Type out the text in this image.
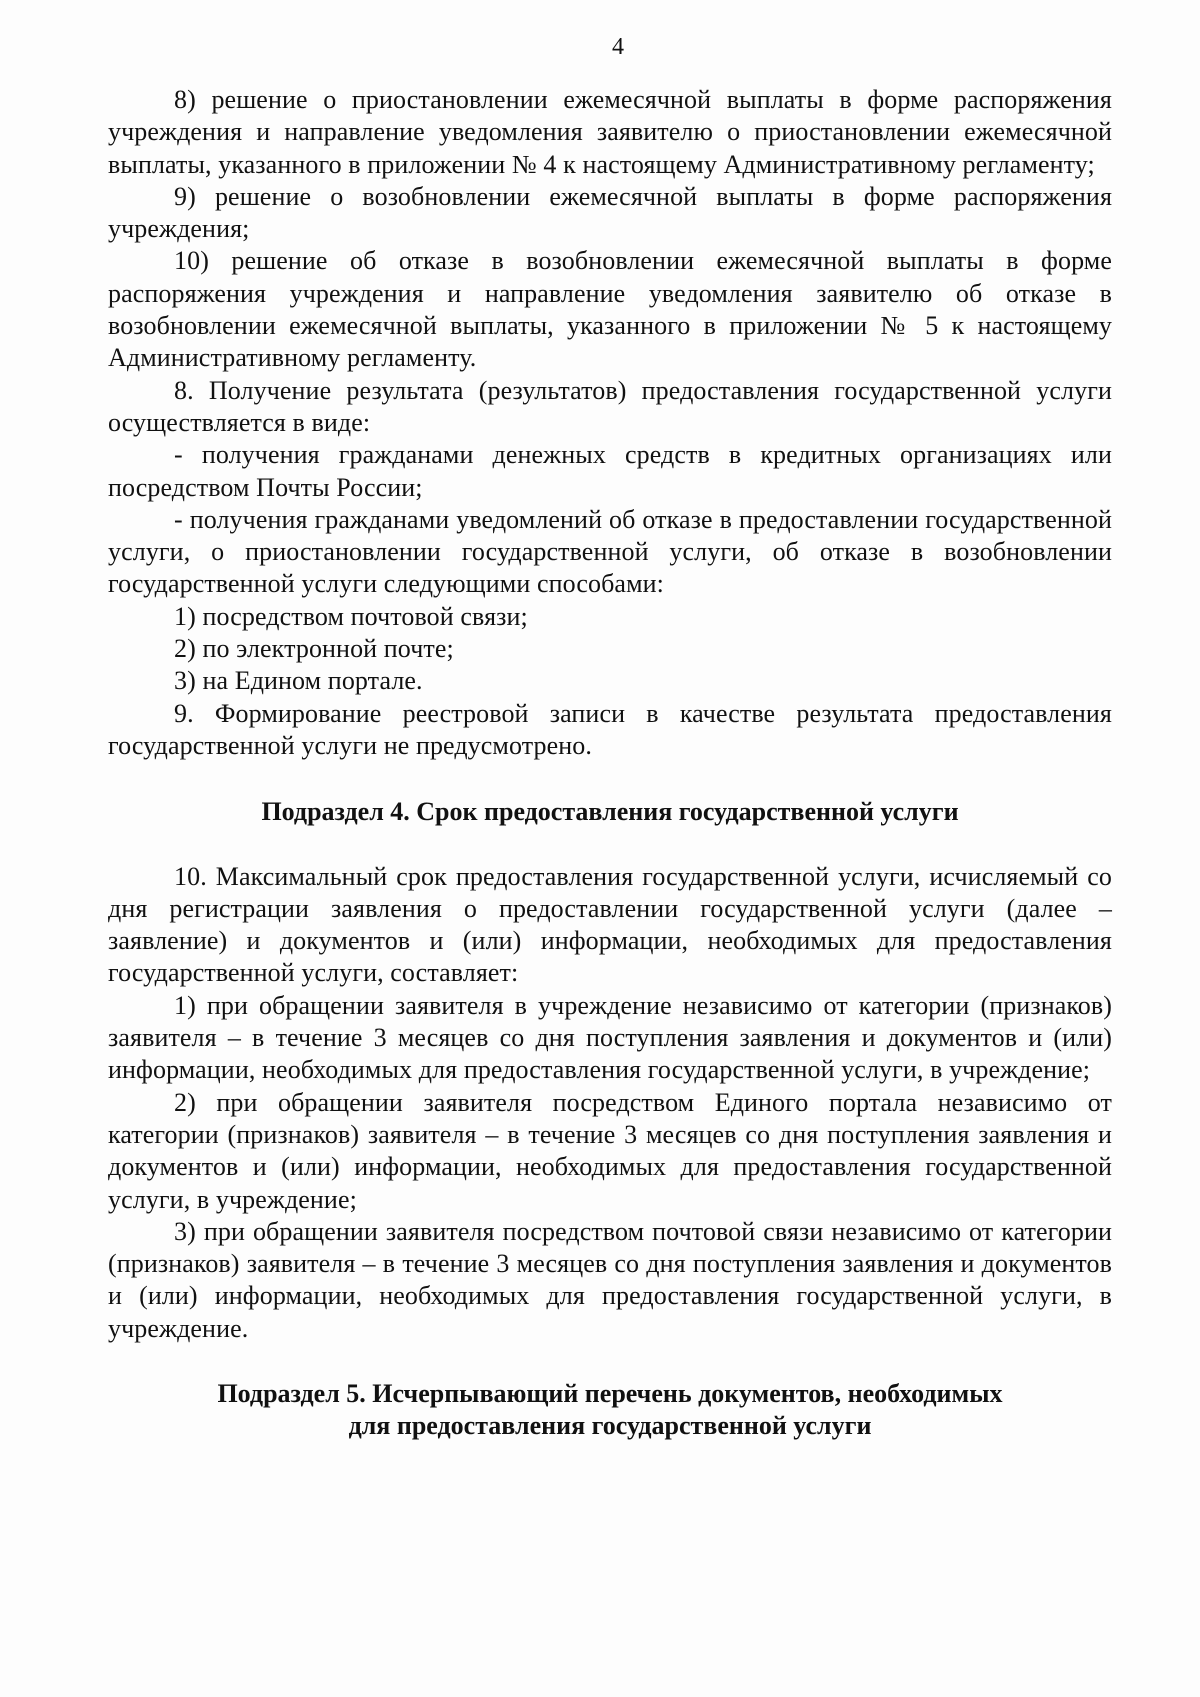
4

8) решение о приостановлении ежемесячной выплаты в форме распоряжения учреждения и направление уведомления заявителю о приостановлении ежемесячной выплаты, указанного в приложении № 4 к настоящему Административному регламенту;

9) решение о возобновлении ежемесячной выплаты в форме распоряжения учреждения;

10) решение об отказе в возобновлении ежемесячной выплаты в форме распоряжения учреждения и направление уведомления заявителю об отказе в возобновлении ежемесячной выплаты, указанного в приложении № 5 к настоящему Административному регламенту.

8. Получение результата (результатов) предоставления государственной услуги осуществляется в виде:

- получения гражданами денежных средств в кредитных организациях или посредством Почты России;

- получения гражданами уведомлений об отказе в предоставлении государственной услуги, о приостановлении государственной услуги, об отказе в возобновлении государственной услуги следующими способами:

1) посредством почтовой связи;

2) по электронной почте;

3) на Едином портале.

9. Формирование реестровой записи в качестве результата предоставления государственной услуги не предусмотрено.

Подраздел 4. Срок предоставления государственной услуги

10. Максимальный срок предоставления государственной услуги, исчисляемый со дня регистрации заявления о предоставлении государственной услуги (далее – заявление) и документов и (или) информации, необходимых для предоставления государственной услуги, составляет:

1) при обращении заявителя в учреждение независимо от категории (признаков) заявителя – в течение 3 месяцев со дня поступления заявления и документов и (или) информации, необходимых для предоставления государственной услуги, в учреждение;

2) при обращении заявителя посредством Единого портала независимо от категории (признаков) заявителя – в течение 3 месяцев со дня поступления заявления и документов и (или) информации, необходимых для предоставления государственной услуги, в учреждение;

3) при обращении заявителя посредством почтовой связи независимо от категории (признаков) заявителя – в течение 3 месяцев со дня поступления заявления и документов и (или) информации, необходимых для предоставления государственной услуги, в учреждение.

Подраздел 5. Исчерпывающий перечень документов, необходимых
для предоставления государственной услуги
